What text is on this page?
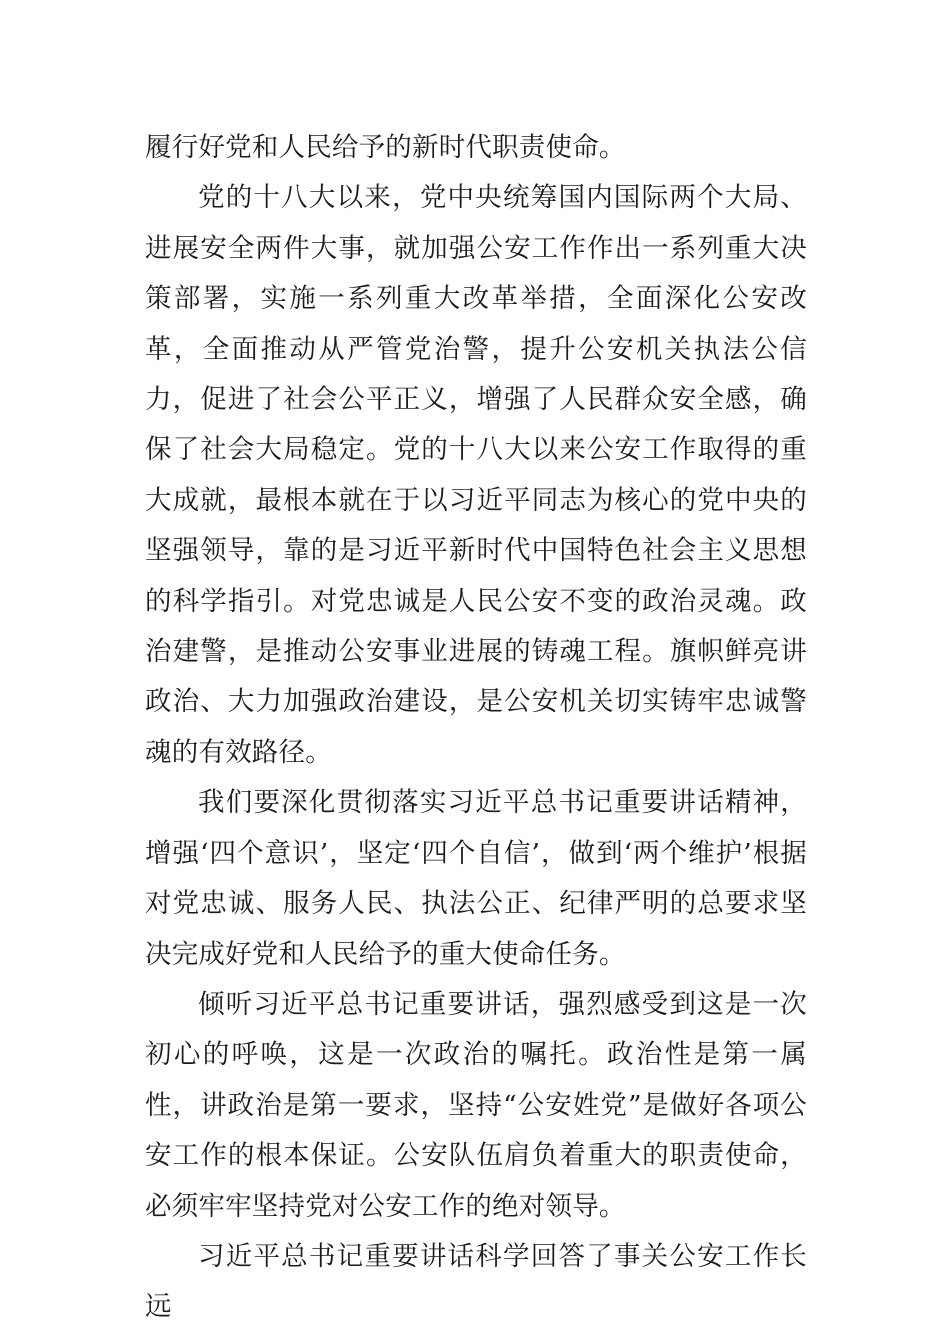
履行好党和人民给予的新时代职责使命。

党的十八大以来，党中央统筹国内国际两个大局、进展安全两件大事，就加强公安工作作出一系列重大决策部署，实施一系列重大改革举措，全面深化公安改革，全面推动从严管党治警，提升公安机关执法公信力，促进了社会公平正义，增强了人民群众安全感，确保了社会大局稳定。党的十八大以来公安工作取得的重大成就，最根本就在于以习近平同志为核心的党中央的坚强领导，靠的是习近平新时代中国特色社会主义思想的科学指引。对党忠诚是人民公安不变的政治灵魂。政治建警，是推动公安事业进展的铸魂工程。旗帜鲜亮讲政治、大力加强政治建设，是公安机关切实铸牢忠诚警魂的有效路径。

我们要深化贯彻落实习近平总书记重要讲话精神，增强‘四个意识’，坚定‘四个自信’，做到‘两个维护’根据对党忠诚、服务人民、执法公正、纪律严明的总要求坚决完成好党和人民给予的重大使命任务。

倾听习近平总书记重要讲话，强烈感受到这是一次初心的呼唤，这是一次政治的嘱托。政治性是第一属性，讲政治是第一要求，坚持“公安姓党”是做好各项公安工作的根本保证。公安队伍肩负着重大的职责使命，必须牢牢坚持党对公安工作的绝对领导。

习近平总书记重要讲话科学回答了事关公安工作长远
